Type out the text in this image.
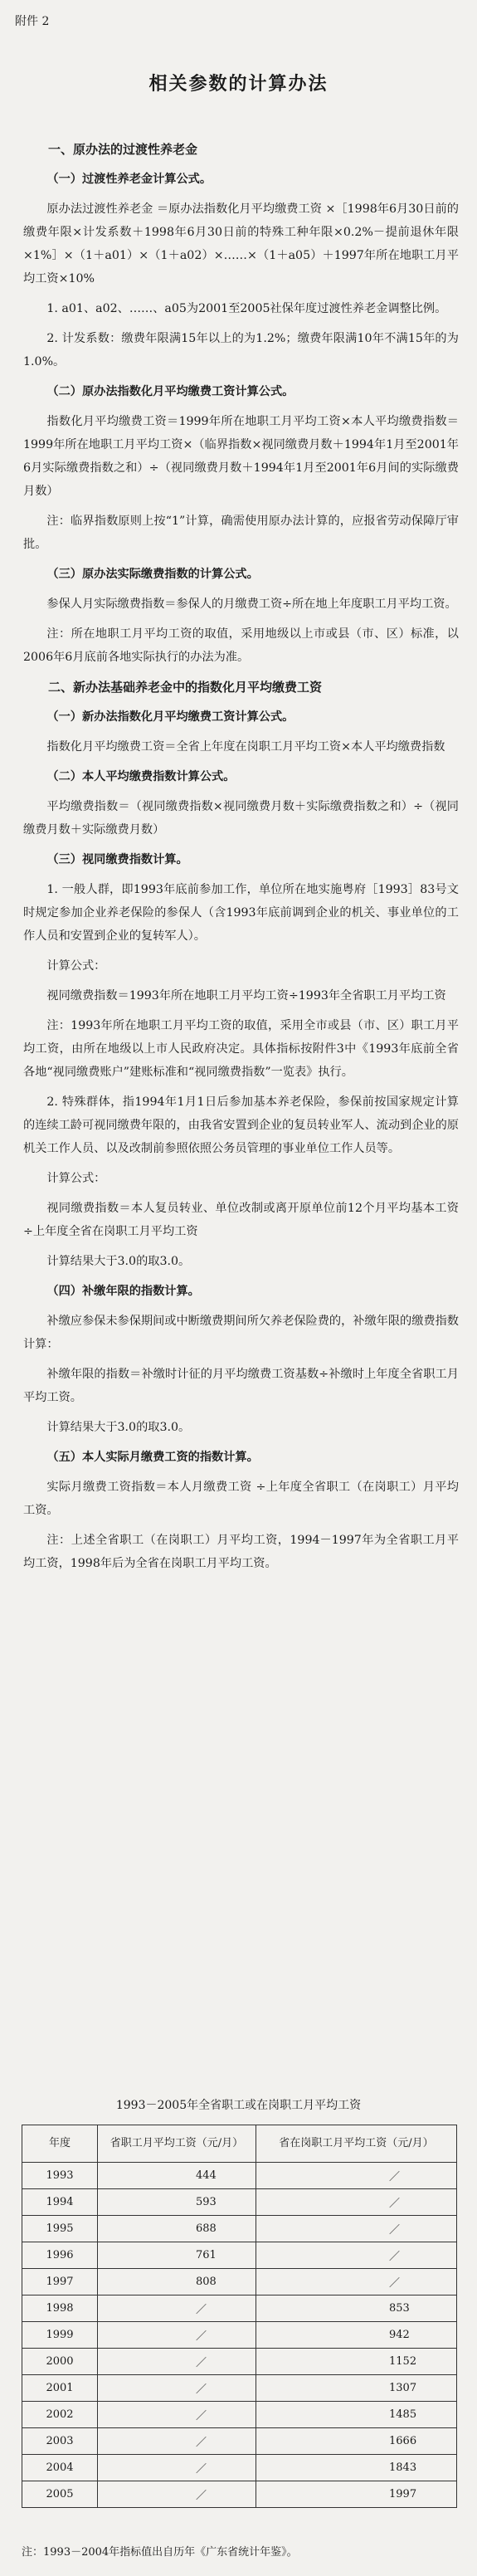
附件 2
相关参数的计算办法

一、原办法的过渡性养老金

（一）过渡性养老金计算公式。

原办法过渡性养老金 ＝原办法指数化月平均缴费工资 ×［1998年6月30日前的缴费年限×计发系数＋1998年6月30日前的特殊工种年限×0.2%－提前退休年限×1%］×（1＋a01）×（1＋a02）×……×（1＋a05）＋1997年所在地职工月平均工资×10%

1. a01、a02、……、a05为2001至2005社保年度过渡性养老金调整比例。

2. 计发系数：缴费年限满15年以上的为1.2%；缴费年限满10年不满15年的为1.0%。

（二）原办法指数化月平均缴费工资计算公式。

指数化月平均缴费工资＝1999年所在地职工月平均工资×本人平均缴费指数＝1999年所在地职工月平均工资×（临界指数×视同缴费月数＋1994年1月至2001年6月实际缴费指数之和）÷（视同缴费月数＋1994年1月至2001年6月间的实际缴费月数）

注：临界指数原则上按“1”计算，确需使用原办法计算的，应报省劳动保障厅审批。

（三）原办法实际缴费指数的计算公式。

参保人月实际缴费指数＝参保人的月缴费工资÷所在地上年度职工月平均工资。

注：所在地职工月平均工资的取值，采用地级以上市或县（市、区）标准，以2006年6月底前各地实际执行的办法为准。

二、新办法基础养老金中的指数化月平均缴费工资

（一）新办法指数化月平均缴费工资计算公式。

指数化月平均缴费工资＝全省上年度在岗职工月平均工资×本人平均缴费指数

（二）本人平均缴费指数计算公式。

平均缴费指数＝（视同缴费指数×视同缴费月数＋实际缴费指数之和）÷（视同缴费月数＋实际缴费月数）

（三）视同缴费指数计算。

1. 一般人群，即1993年底前参加工作，单位所在地实施粤府［1993］83号文时规定参加企业养老保险的参保人（含1993年底前调到企业的机关、事业单位的工作人员和安置到企业的复转军人）。

计算公式：

视同缴费指数＝1993年所在地职工月平均工资÷1993年全省职工月平均工资

注：1993年所在地职工月平均工资的取值，采用全市或县（市、区）职工月平均工资，由所在地级以上市人民政府决定。具体指标按附件3中《1993年底前全省各地“视同缴费账户”建账标准和“视同缴费指数”一览表》执行。

2. 特殊群体，指1994年1月1日后参加基本养老保险，参保前按国家规定计算的连续工龄可视同缴费年限的，由我省安置到企业的复员转业军人、流动到企业的原机关工作人员、以及改制前参照依照公务员管理的事业单位工作人员等。

计算公式：

视同缴费指数＝本人复员转业、单位改制或离开原单位前12个月平均基本工资÷上年度全省在岗职工月平均工资

计算结果大于3.0的取3.0。

（四）补缴年限的指数计算。

补缴应参保未参保期间或中断缴费期间所欠养老保险费的，补缴年限的缴费指数计算：

补缴年限的指数＝补缴时计征的月平均缴费工资基数÷补缴时上年度全省职工月平均工资。

计算结果大于3.0的取3.0。

（五）本人实际月缴费工资的指数计算。

实际月缴费工资指数＝本人月缴费工资 ÷上年度全省职工（在岗职工）月平均工资。

注：上述全省职工（在岗职工）月平均工资，1994－1997年为全省职工月平均工资，1998年后为全省在岗职工月平均工资。

1993－2005年全省职工或在岗职工月平均工资
年度	省职工月平均工资（元/月）	省在岗职工月平均工资（元/月）
1993	444	／
1994	593	／
1995	688	／
1996	761	／
1997	808	／
1998	／	853
1999	／	942
2000	／	1152
2001	／	1307
2002	／	1485
2003	／	1666
2004	／	1843
2005	／	1997
注：1993－2004年指标值出自历年《广东省统计年鉴》。
